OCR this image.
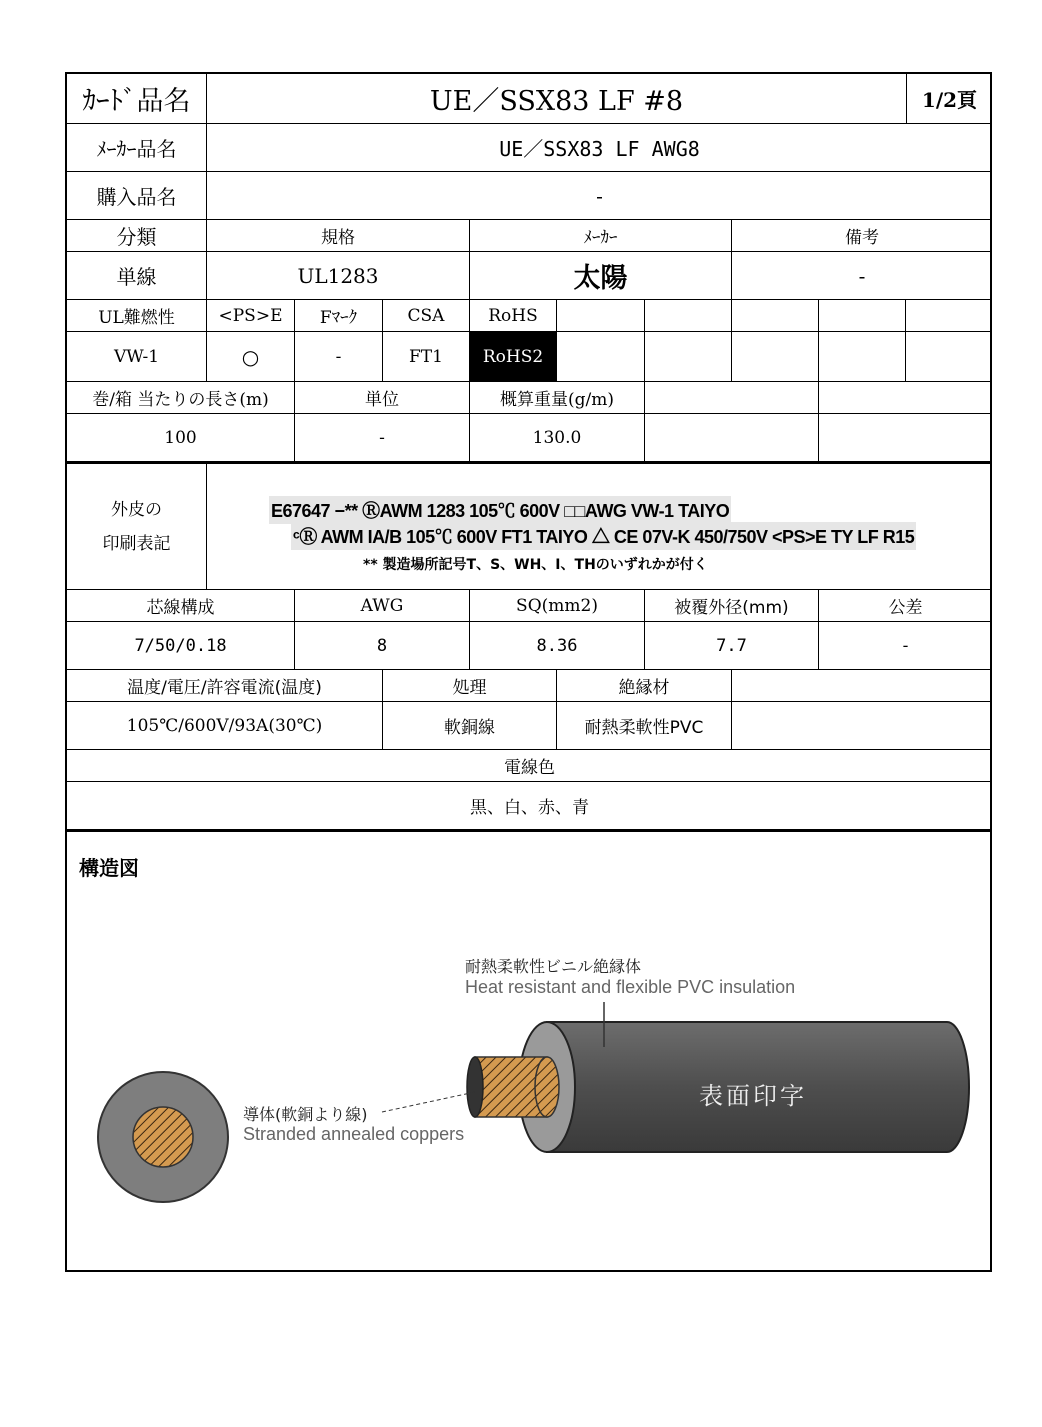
ｶｰﾄﾞ品名	UE／SSX83 LF #8	1/2頁
ﾒｰｶｰ品名	UE／SSX83 LF AWG8
購入品名	-
分類	規格	ﾒｰｶｰ	備考
単線	UL1283	太陽	-
UL難燃性	<PS>E	Fﾏｰｸ	CSA	RoHS
VW-1	○	-	FT1	RoHS2
巻/箱 当たりの長さ(m)	単位	概算重量(g/m)
100	-	130.0
外皮の
印刷表記
E67647 −** ⓇAWM 1283 105℃ 600V □□AWG VW-1 TAIYO
ᶜⓇ AWM IA/B 105℃ 600V FT1 TAIYO △ CE 07V-K 450/750V <PS>E TY LF R15
** 製造場所記号T、S、WH、I、THのいずれかが付く
芯線構成	AWG	SQ(mm2)	被覆外径(mm)	公差
7/50/0.18	8	8.36	7.7	-
温度/電圧/許容電流(温度)	処理	絶縁材
105℃/600V/93A(30℃)	軟銅線	耐熱柔軟性PVC
電線色
黒、白、赤、青
構造図
耐熱柔軟性ビニル絶縁体
Heat resistant and flexible PVC insulation
導体(軟銅より線)
Stranded annealed coppers
表面印字
